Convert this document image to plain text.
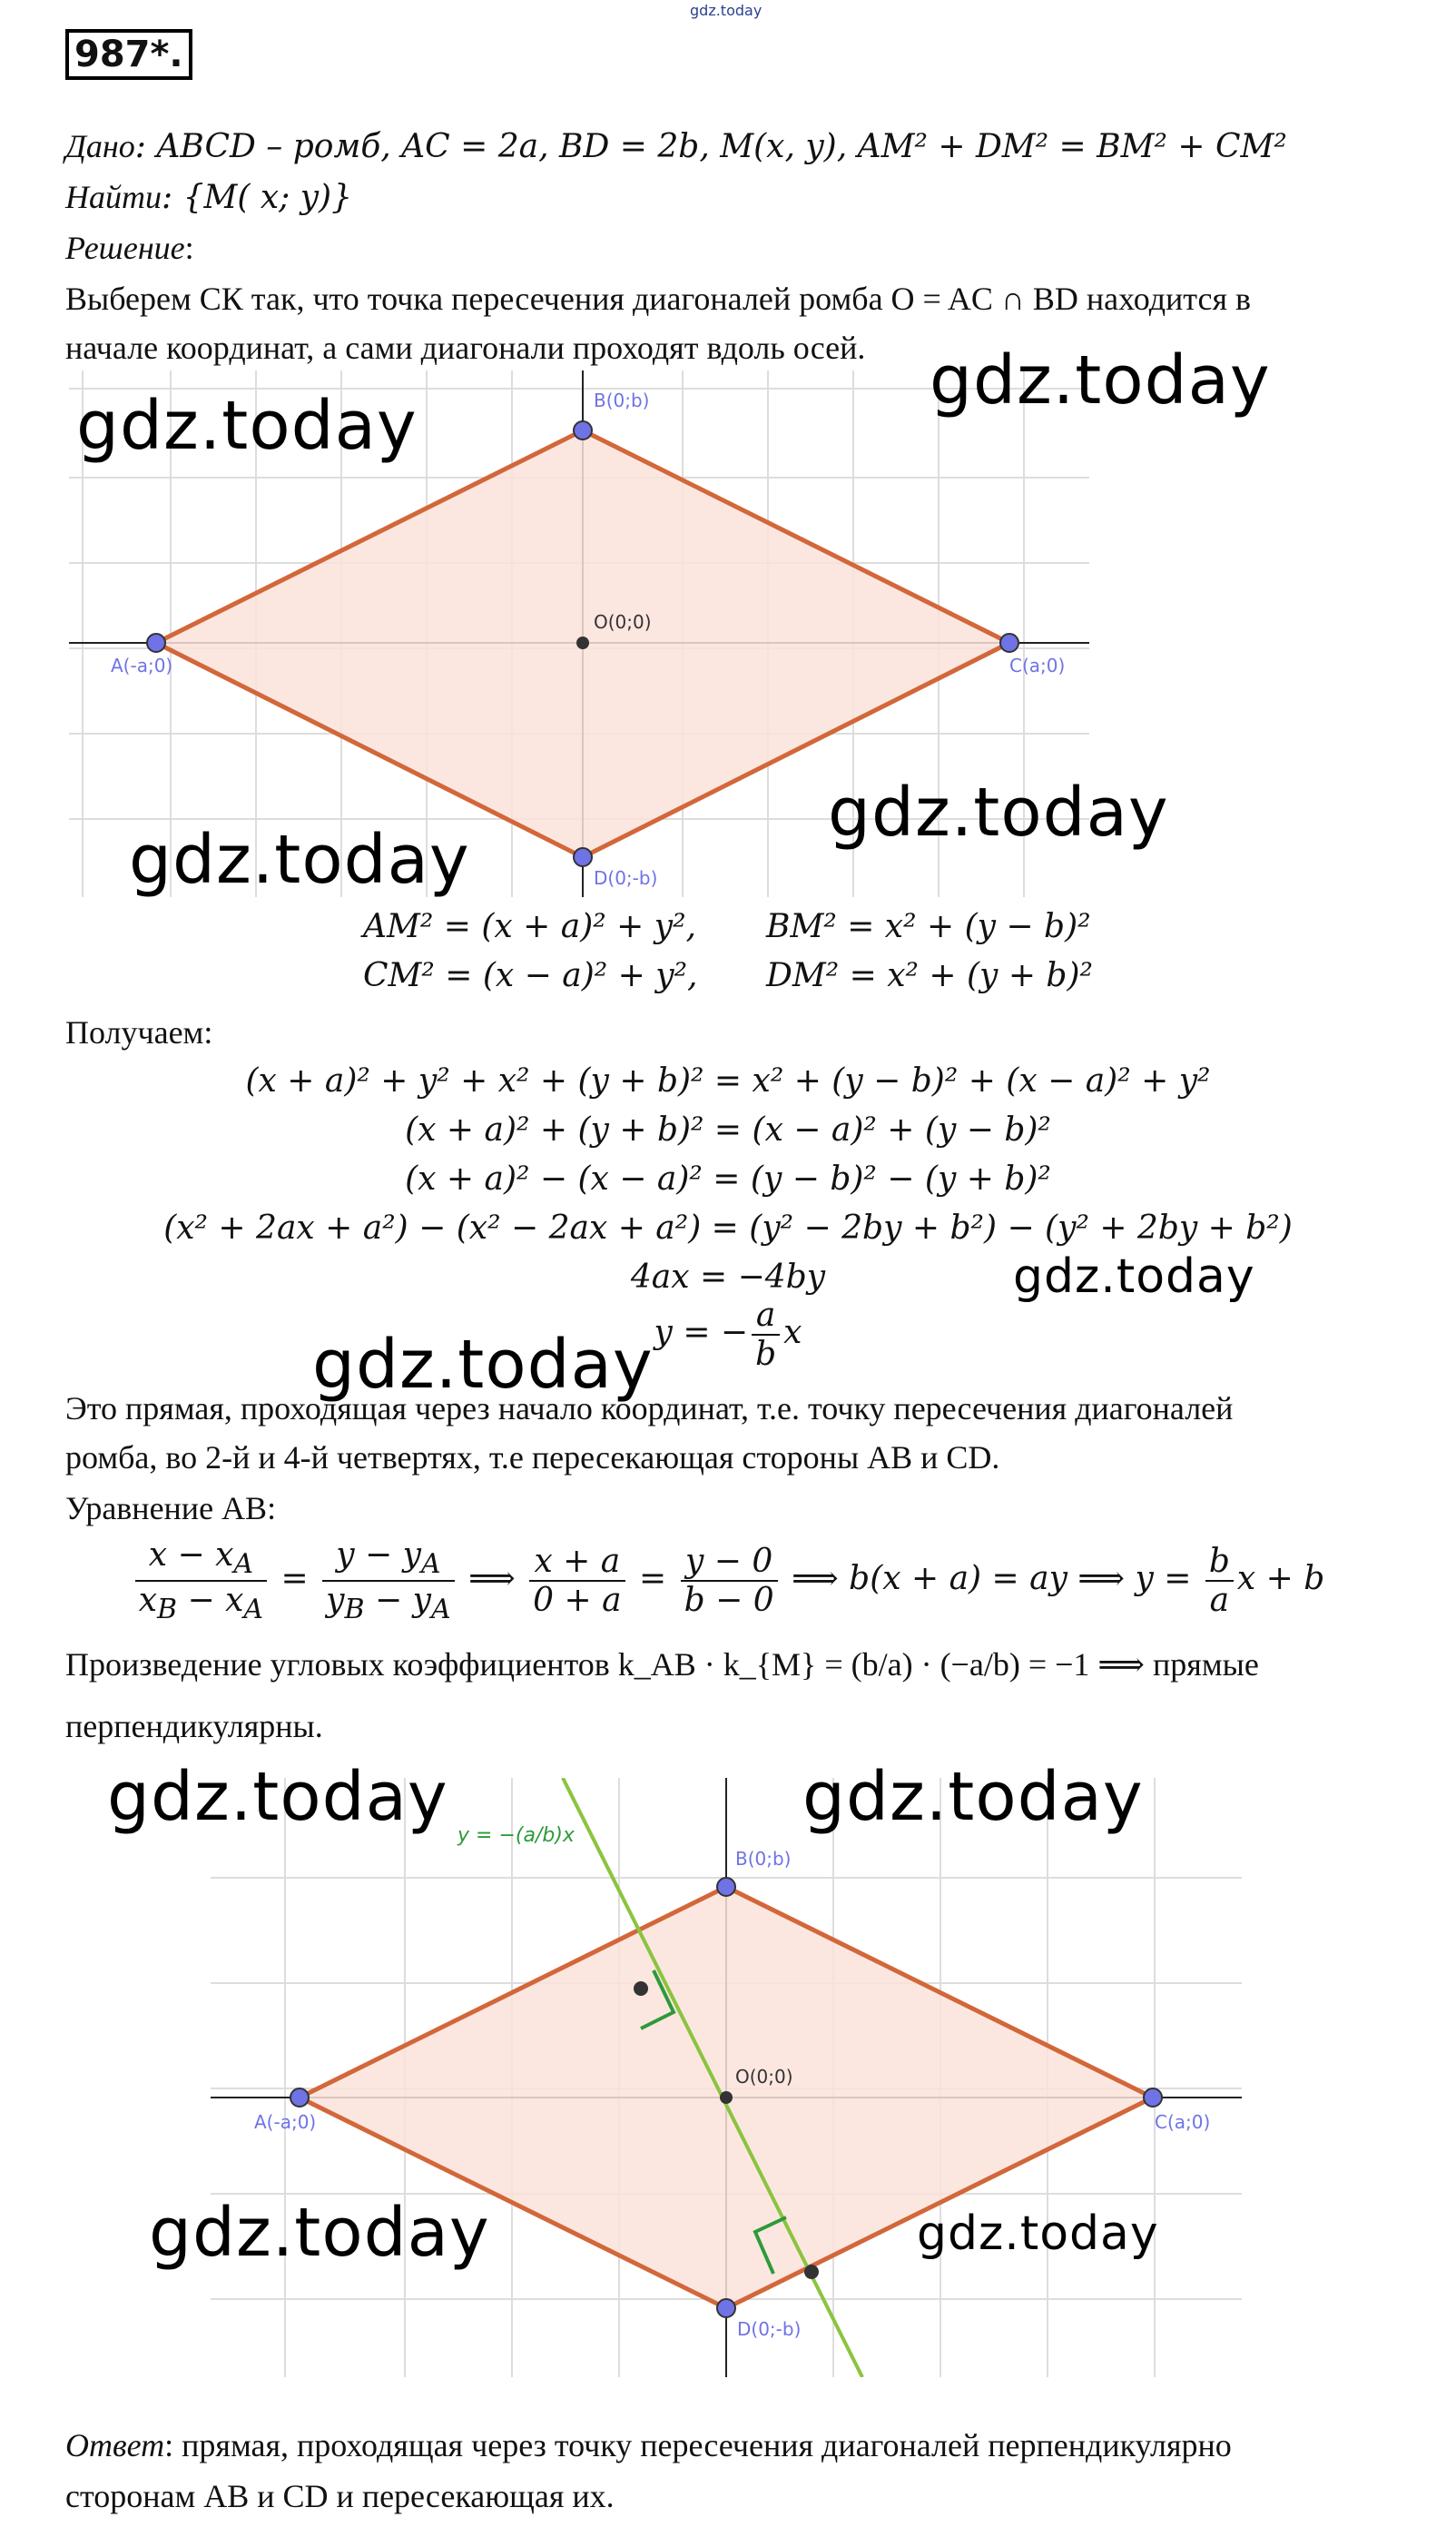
gdz.today
987*.
Дано: ABCD – ромб, AC = 2a, BD = 2b, M(x, y), AM² + DM² = BM² + CM²
Найти: {M( x; y)}
Решение:
Выберем СК так, что точка пересечения диагоналей ромба O = AC ∩ BD находится в
начале координат, а сами диагонали проходят вдоль осей.
A(-a;0)
B(0;b)
C(a;0)
D(0;-b)
O(0;0)
gdz.today
gdz.today
gdz.today
gdz.today
AM² = (x + a)² + y², BM² = x² + (y − b)²
CM² = (x − a)² + y², DM² = x² + (y + b)²
Получаем:
(x + a)² + y² + x² + (y + b)² = x² + (y − b)² + (x − a)² + y²
(x + a)² + (y + b)² = (x − a)² + (y − b)²
(x + a)² − (x − a)² = (y − b)² − (y + b)²
(x² + 2ax + a²) − (x² − 2ax + a²) = (y² − 2by + b²) − (y² + 2by + b²)
4ax = −4by
y = − $\frac{a}{b}$ x
gdz.today
gdz.today
Это прямая, проходящая через начало координат, т.е. точку пересечения диагоналей
ромба, во 2-й и 4-й четвертях, т.е пересекающая стороны AB и CD.
Уравнение AB:
$\frac{x - x_A}{x_B - x_A} = \frac{y - y_A}{y_B - y_A}$ ⟹ $\frac{x + a}{0 + a} = \frac{y - 0}{b - 0}$ ⟹ b(x + a) = ay ⟹ $y = \frac{b}{a}$ x + b
Произведение угловых коэффициентов k_AB · k_{M} = (b/a) · (−a/b) = −1 ⟹ прямые
перпендикулярны.
A(-a;0)
B(0;b)
C(a;0)
D(0;-b)
O(0;0)
y = −(a/b)x
gdz.today	gdz.today
gdz.today	gdz.today
Ответ: прямая, проходящая через точку пересечения диагоналей перпендикулярно
сторонам AB и CD и пересекающая их.
